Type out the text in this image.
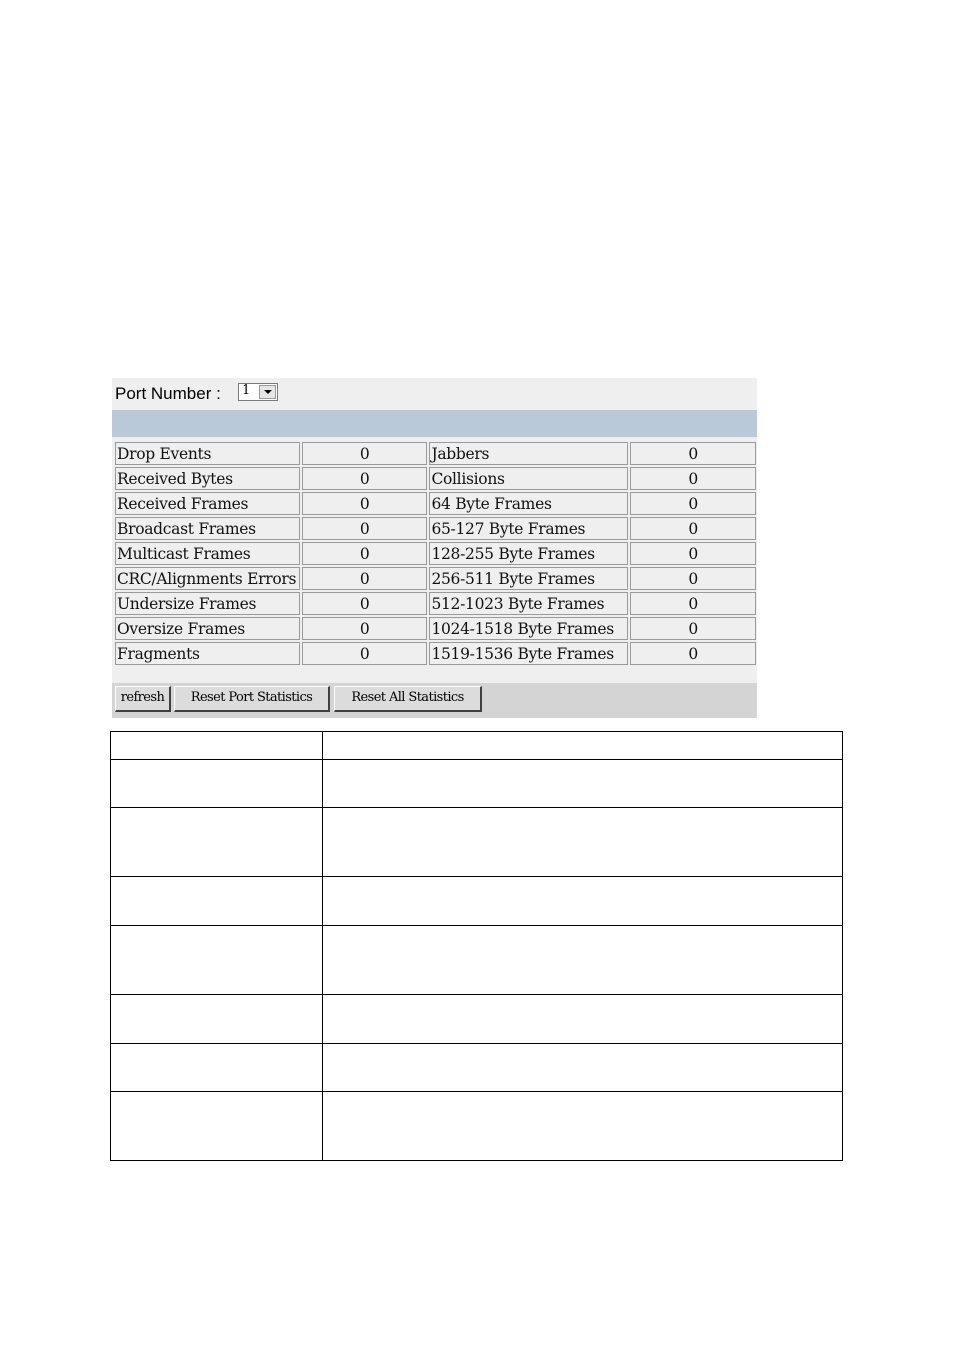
Port Number : 1
Drop Events	0	Jabbers	0
Received Bytes	0	Collisions	0
Received Frames	0	64 Byte Frames	0
Broadcast Frames	0	65-127 Byte Frames	0
Multicast Frames	0	128-255 Byte Frames	0
CRC/Alignments Errors	0	256-511 Byte Frames	0
Undersize Frames	0	512-1023 Byte Frames	0
Oversize Frames	0	1024-1518 Byte Frames	0
Fragments	0	1519-1536 Byte Frames	0
refresh	Reset Port Statistics	Reset All Statistics
